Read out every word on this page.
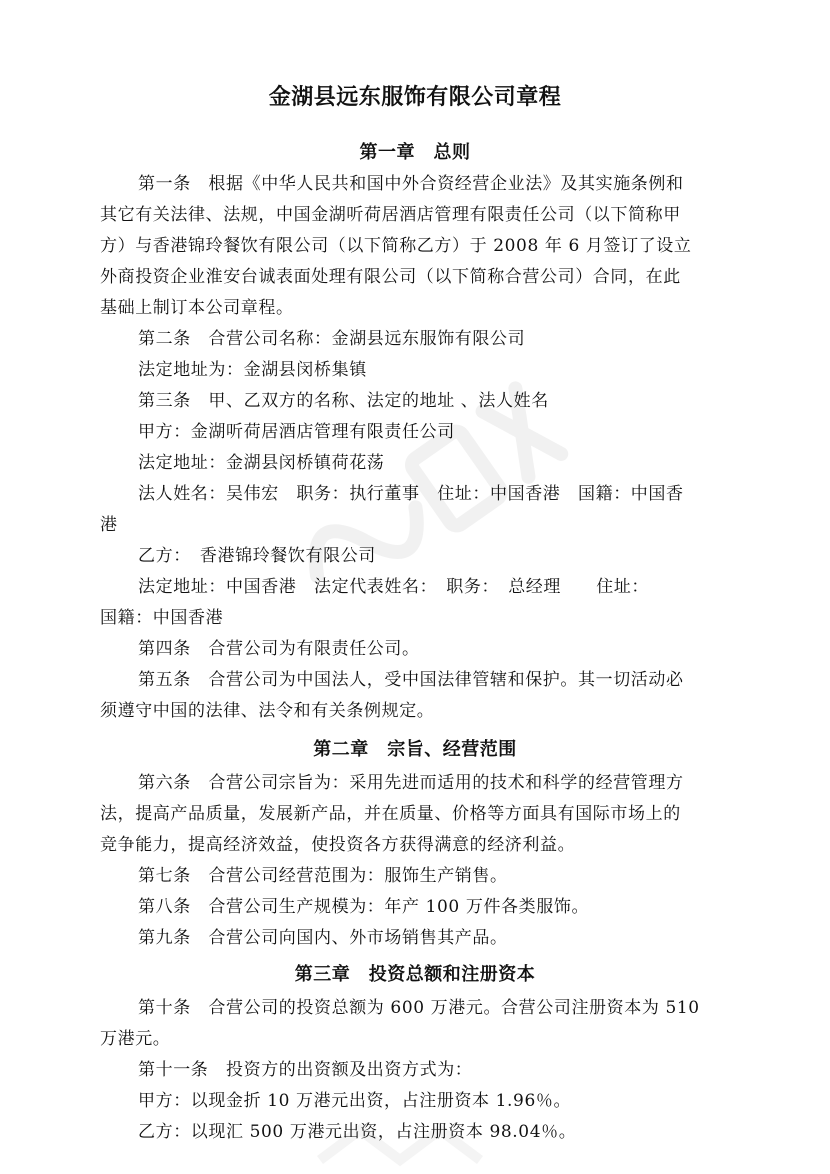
金湖县远东服饰有限公司章程
第一章　总则

第一条　根据《中华人民共和国中外合资经营企业法》及其实施条例和

其它有关法律、法规，中国金湖听荷居酒店管理有限责任公司（以下简称甲

方）与香港锦玲餐饮有限公司（以下简称乙方）于 2008 年 6 月签订了设立

外商投资企业淮安台诚表面处理有限公司（以下简称合营公司）合同，在此

基础上制订本公司章程。

第二条　合营公司名称：金湖县远东服饰有限公司

法定地址为：金湖县闵桥集镇

第三条　甲、乙双方的名称、法定的地址 、法人姓名

甲方：金湖听荷居酒店管理有限责任公司

法定地址：金湖县闵桥镇荷花荡

法人姓名：吴伟宏　职务：执行董事　住址：中国香港　国籍：中国香

港

乙方：　香港锦玲餐饮有限公司

法定地址：中国香港　法定代表姓名：　职务：　总经理　　住址：

国籍：中国香港

第四条　合营公司为有限责任公司。

第五条　合营公司为中国法人，受中国法律管辖和保护。其一切活动必

须遵守中国的法律、法令和有关条例规定。

第二章　宗旨、经营范围

第六条　合营公司宗旨为：采用先进而适用的技术和科学的经营管理方

法，提高产品质量，发展新产品，并在质量、价格等方面具有国际市场上的

竞争能力，提高经济效益，使投资各方获得满意的经济利益。

第七条　合营公司经营范围为：服饰生产销售。

第八条　合营公司生产规模为：年产 100 万件各类服饰。

第九条　合营公司向国内、外市场销售其产品。

第三章　投资总额和注册资本

第十条　合营公司的投资总额为 600 万港元。合营公司注册资本为 510

万港元。

第十一条　投资方的出资额及出资方式为：

甲方：以现金折 10 万港元出资，占注册资本 1.96％。

乙方：以现汇 500 万港元出资，占注册资本 98.04％。
